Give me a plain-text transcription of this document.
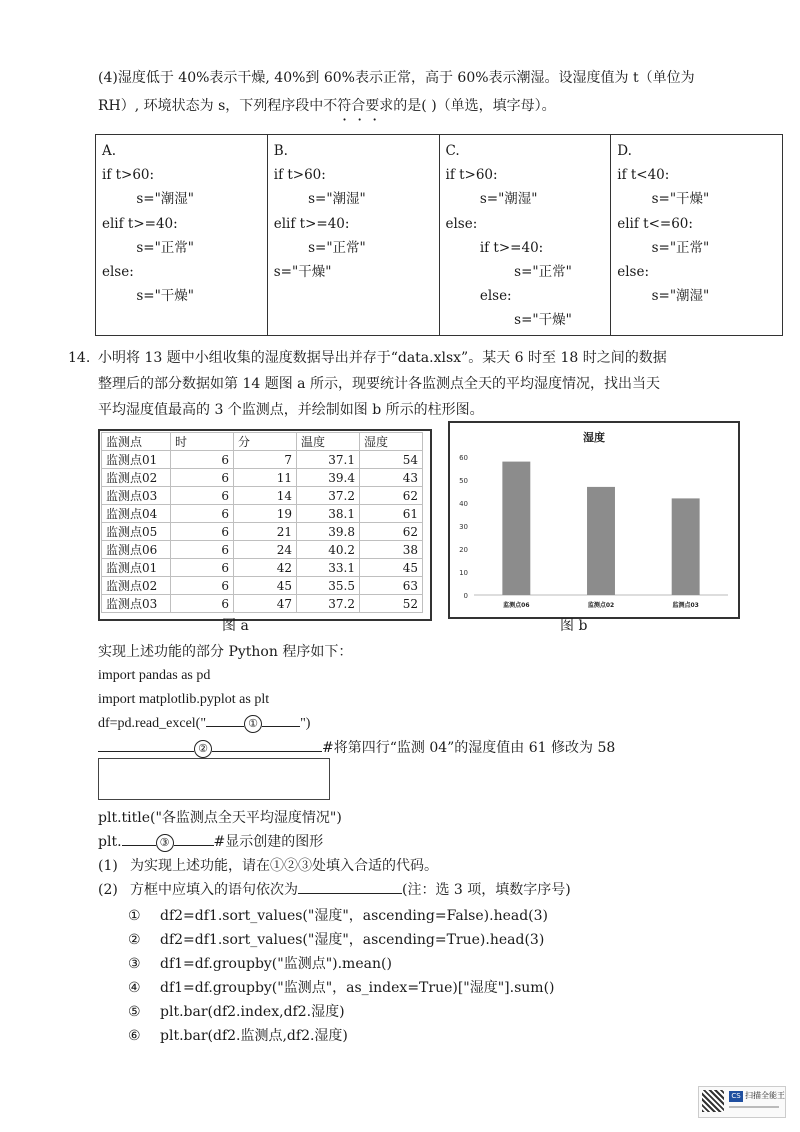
(4)湿度低于 40%表示干燥, 40%到 60%表示正常，高于 60%表示潮湿。设湿度值为 t（单位为
RH）, 环境状态为 s，下列程序段中不符合要求的是( )（单选，填字母）。
···
A.
if t>60:
s="潮湿"
elif t>=40:
s="正常"
else:
s="干燥"

B.
if t>60:
s="潮湿"
elif t>=40:
s="正常"
s="干燥"

C.
if t>60:
s="潮湿"
else:
if t>=40:
s="正常"
else:
s="干燥"

D.
if t<40:
s="干燥"
elif t<=60:
s="正常"
else:
s="潮湿"
14. 小明将 13 题中小组收集的湿度数据导出并存于“data.xlsx”。某天 6 时至 18 时之间的数据
整理后的部分数据如第 14 题图 a 所示，现要统计各监测点全天的平均湿度情况，找出当天
平均湿度值最高的 3 个监测点，并绘制如图 b 所示的柱形图。
监测点	时	分	温度	湿度
监测点01	6	7	37.1	54
监测点02	6	11	39.4	43
监测点03	6	14	37.2	62
监测点04	6	19	38.1	61
监测点05	6	21	39.8	62
监测点06	6	24	40.2	38
监测点01	6	42	33.1	45
监测点02	6	45	35.5	63
监测点03	6	47	37.2	52
图 a
湿度
0
10
20
30
40
50
60
监测点06	监测点02	监测点03
图 b
实现上述功能的部分 Python 程序如下：
import pandas as pd
import matplotlib.pyplot as plt
df=pd.read_excel("	①	")
②	#将第四行“监测 04”的湿度值由 61 修改为 58
plt.title("各监测点全天平均湿度情况")
plt.	③	#显示创建的图形
(1) 为实现上述功能，请在①②③处填入合适的代码。
(2) 方框中应填入的语句依次为	(注：选 3 项，填数字序号)
① df2=df1.sort_values("湿度"，ascending=False).head(3)
② df2=df1.sort_values("湿度"，ascending=True).head(3)
③ df1=df.groupby("监测点").mean()
④ df1=df.groupby("监测点"，as_index=True)["湿度"].sum()
⑤ plt.bar(df2.index,df2.湿度)
⑥ plt.bar(df2.监测点,df2.湿度)
CS 扫描全能王
